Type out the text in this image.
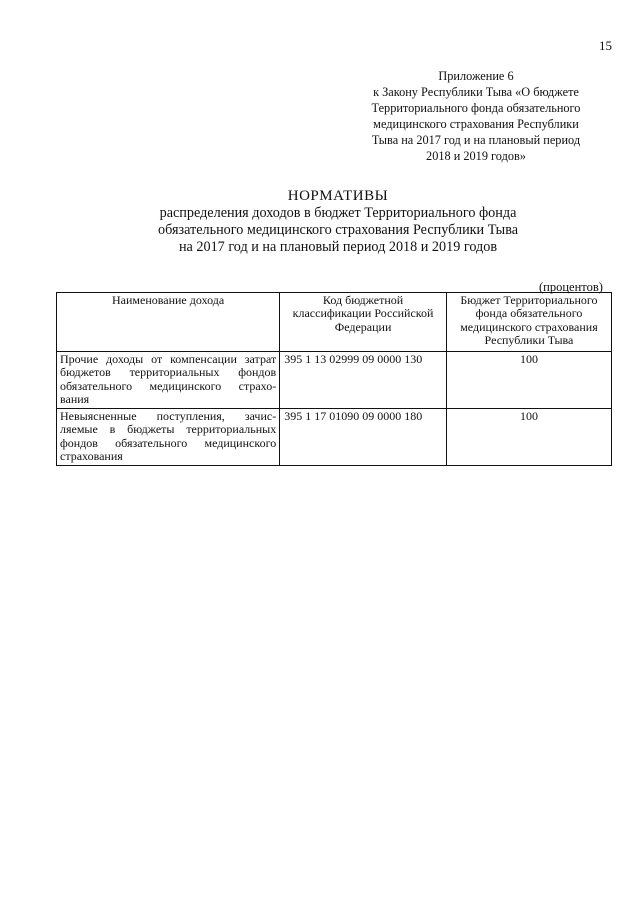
15
Приложение 6
к Закону Республики Тыва «О бюджете
Территориального фонда обязательного
медицинского страхования Республики
Тыва на 2017 год и на плановый период
2018 и 2019 годов»
НОРМАТИВЫ
распределения доходов в бюджет Территориального фонда
обязательного медицинского страхования Республики Тыва
на 2017 год и на плановый период 2018 и 2019 годов
(процентов)
Наименование дохода	Код бюджетной классификации Российской Федерации	Бюджет Территориального фонда обязательного медицинского страхования Республики Тыва
Прочие доходы от компенсации затрат бюджетов территориальных фондов обязательного медицинского страхо-вания	395 1 13 02999 09 0000 130	100
Невыясненные поступления, зачис-ляемые в бюджеты территориальных фондов обязательного медицинского страхования	395 1 17 01090 09 0000 180	100
